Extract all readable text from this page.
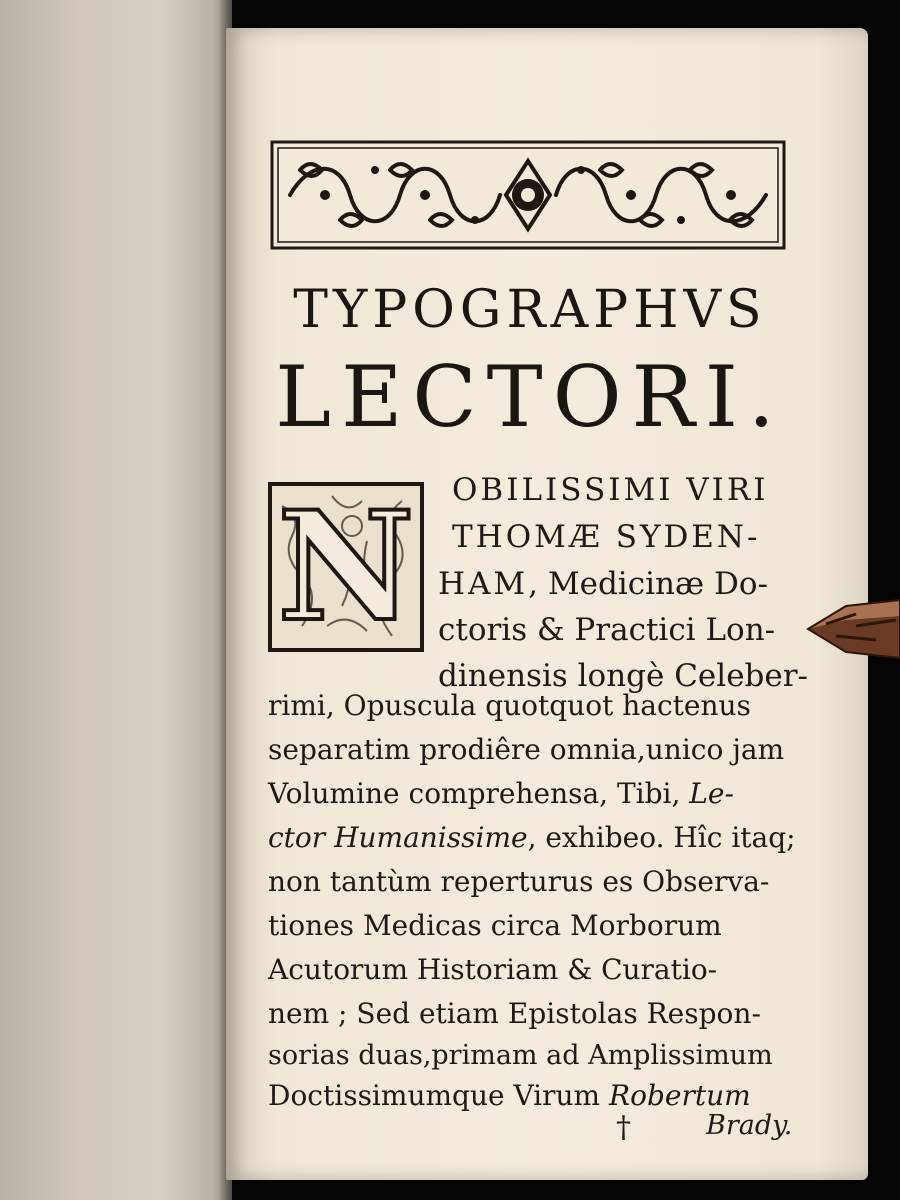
TYPOGRAPHVS
LECTORI.
N OBILISSIMI VIRI
THOMÆ SYDEN-
HAM, Medicinæ Do-
ctoris & Practici Lon-
dinensis longè Celeber-
rimi, Opuscula quotquot hactenus
separatim prodiêre omnia,unico jam
Volumine comprehensa, Tibi, Le-
ctor Humanissime, exhibeo. Hîc itaq;
non tantùm reperturus es Observa-
tiones Medicas circa Morborum
Acutorum Historiam & Curatio-
nem ; Sed etiam Epistolas Respon-
sorias duas,primam ad Amplissimum
Doctissimumque Virum Robertum
†	Brady.
